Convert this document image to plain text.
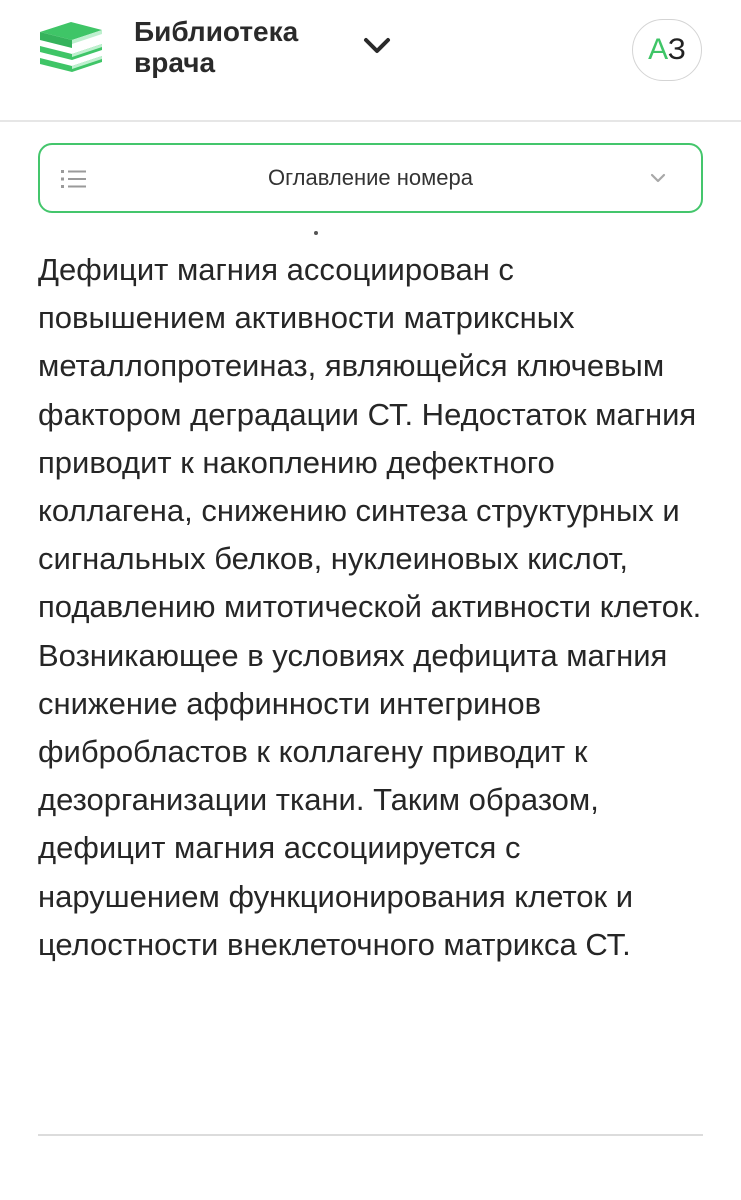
Библиотека
врача	АЗ
Оглавление номера

Дефицит магния ассоциирован с повышением активности матриксных металлопротеиназ, являющейся ключевым фактором деградации СТ. Недостаток магния приводит к накоплению дефектного коллагена, снижению синтеза структурных и сигнальных белков, нуклеиновых кислот, подавлению митотической активности клеток. Возникающее в условиях дефицита магния снижение аффинности интегринов фибробластов к коллагену приводит к дезорганизации ткани. Таким образом, дефицит магния ассоциируется с нарушением функционирования клеток и целостности внеклеточного матрикса СТ.
